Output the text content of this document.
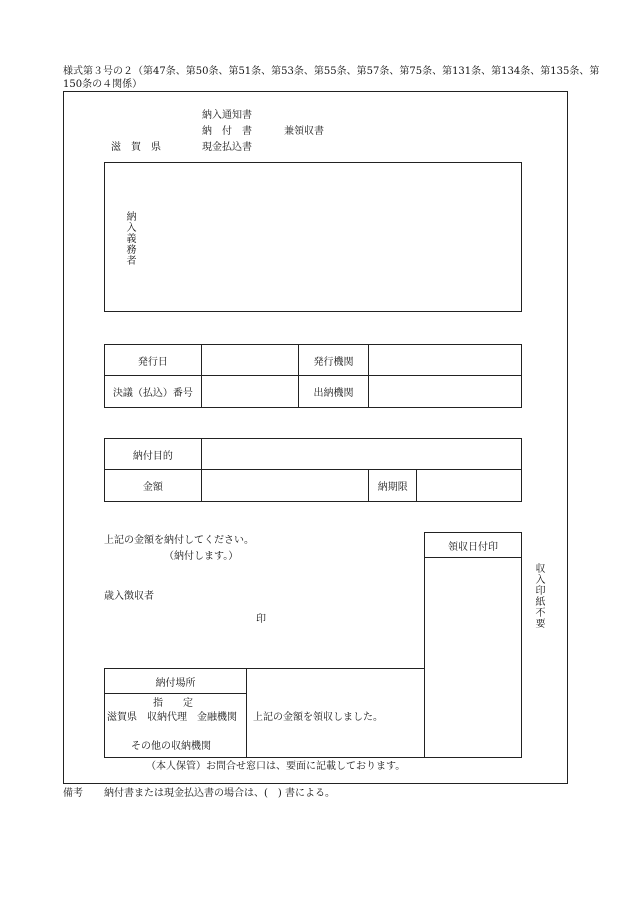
様式第３号の２（第47条、第50条、第51条、第53条、第55条、第57条、第75条、第131条、第134条、第135条、第
150条の４関係）
納入通知書
納　付　書	兼領収書
現金払込書
滋　賀　県
納入義務者
発行日		発行機関	
決議（払込）番号		出納機関	
納付目的			
金額		納期限	
上記の金額を納付してください。
（納付します。）
歳入徴収者
印
領収日付印
収入印紙不要
納付場所
指　　定
滋賀県　収納代理　金融機関
その他の収納機関
上記の金額を領収しました。
（本人保管）お問合せ窓口は、要面に記載しております。
備考 納付書または現金払込書の場合は、(　) 書による。
